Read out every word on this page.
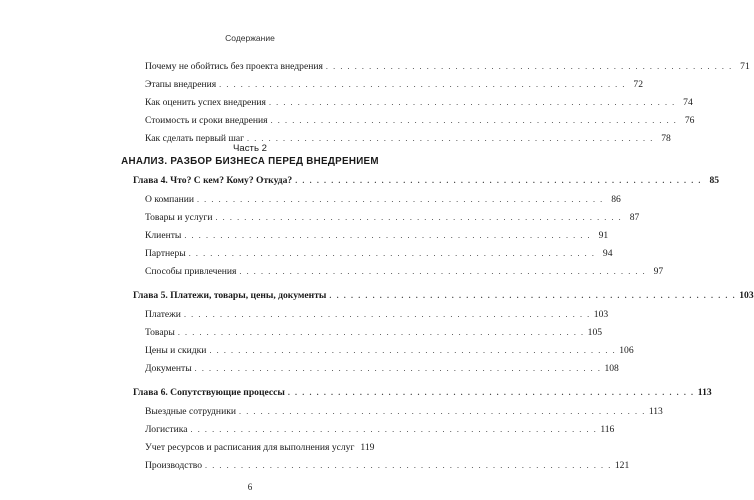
Содержание
Почему не обойтись без проекта внедрения . . . . . . . . . . . . . . . . . . . . . . . . . . . . . . . . . . . . . . . . . . . . . . . . . . . . . . . . . 71
Этапы внедрения . . . . . . . . . . . . . . . . . . . . . . . . . . . . . . . . . . . . . . . . . . . . . . . . . . . . . . . . . 72
Как оценить успех внедрения . . . . . . . . . . . . . . . . . . . . . . . . . . . . . . . . . . . . . . . . . . . . . . . . . . . . . . . . . 74
Стоимость и сроки внедрения . . . . . . . . . . . . . . . . . . . . . . . . . . . . . . . . . . . . . . . . . . . . . . . . . . . . . . . . . 76
Как сделать первый шаг . . . . . . . . . . . . . . . . . . . . . . . . . . . . . . . . . . . . . . . . . . . . . . . . . . . . . . . . . 78
Часть 2
АНАЛИЗ. РАЗБОР БИЗНЕСА ПЕРЕД ВНЕДРЕНИЕМ
Глава 4. Что? С кем? Кому? Откуда? . . . . . . . . . . . . . . . . . . . . . . . . . . . . . . . . . . . . . . . . . . . . . . . . . . . . . . . . . 85
О компании . . . . . . . . . . . . . . . . . . . . . . . . . . . . . . . . . . . . . . . . . . . . . . . . . . . . . . . . . 86
Товары и услуги . . . . . . . . . . . . . . . . . . . . . . . . . . . . . . . . . . . . . . . . . . . . . . . . . . . . . . . . . 87
Клиенты . . . . . . . . . . . . . . . . . . . . . . . . . . . . . . . . . . . . . . . . . . . . . . . . . . . . . . . . . 91
Партнеры . . . . . . . . . . . . . . . . . . . . . . . . . . . . . . . . . . . . . . . . . . . . . . . . . . . . . . . . . 94
Способы привлечения . . . . . . . . . . . . . . . . . . . . . . . . . . . . . . . . . . . . . . . . . . . . . . . . . . . . . . . . . 97
Глава 5. Платежи, товары, цены, документы . . . . . . . . . . . . . . . . . . . . . . . . . . . . . . . . . . . . . . . . . . . . . . . . . . . . . . . . . 103
Платежи . . . . . . . . . . . . . . . . . . . . . . . . . . . . . . . . . . . . . . . . . . . . . . . . . . . . . . . . . 103
Товары . . . . . . . . . . . . . . . . . . . . . . . . . . . . . . . . . . . . . . . . . . . . . . . . . . . . . . . . . 105
Цены и скидки . . . . . . . . . . . . . . . . . . . . . . . . . . . . . . . . . . . . . . . . . . . . . . . . . . . . . . . . . 106
Документы . . . . . . . . . . . . . . . . . . . . . . . . . . . . . . . . . . . . . . . . . . . . . . . . . . . . . . . . . 108
Глава 6. Сопутствующие процессы . . . . . . . . . . . . . . . . . . . . . . . . . . . . . . . . . . . . . . . . . . . . . . . . . . . . . . . . . 113
Выездные сотрудники . . . . . . . . . . . . . . . . . . . . . . . . . . . . . . . . . . . . . . . . . . . . . . . . . . . . . . . . . 113
Логистика . . . . . . . . . . . . . . . . . . . . . . . . . . . . . . . . . . . . . . . . . . . . . . . . . . . . . . . . . 116
Учет ресурсов и расписания для выполнения услуг 119
Производство . . . . . . . . . . . . . . . . . . . . . . . . . . . . . . . . . . . . . . . . . . . . . . . . . . . . . . . . . 121
6
